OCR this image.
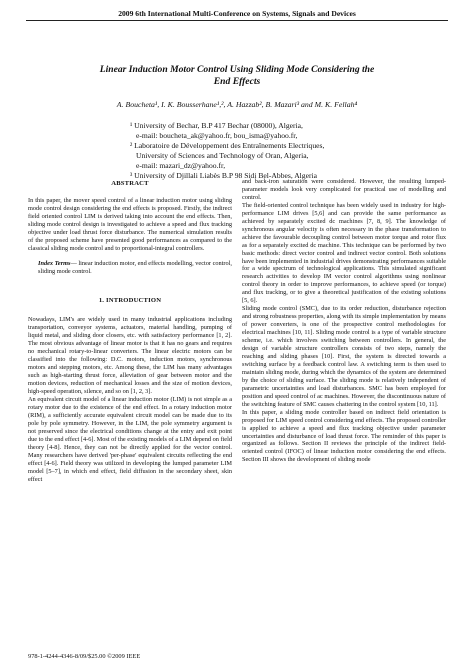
2009 6th International Multi-Conference on Systems, Signals and Devices
Linear Induction Motor Control Using Sliding Mode Considering the
End Effects
A. Boucheta¹, I. K. Bousserhane¹,², A. Hazzab², B. Mazari³ and M. K. Fellah⁴
¹ University of Bechar, B.P 417 Bechar (08000), Algeria,
e-mail: boucheta_ak@yahoo.fr, bou_isma@yahoo.fr,
² Laboratoire de Développement des Entraînements Electriques,
University of Sciences and Technology of Oran, Algeria,
e-mail: mazari_dz@yahoo.fr,
³ University of Djillali Liabès B.P 98 Sidi Bel-Abbes, Algeria
ABSTRACT

In this paper, the mover speed control of a linear induction motor using sliding mode control design considering the end effects is proposed. Firstly, the indirect field oriented control LIM is derived taking into account the end effects. Then, sliding mode control design is investigated to achieve a speed and flux tracking objective under load thrust force disturbance. The numerical simulation results of the proposed scheme have presented good performances as compared to the classical sliding mode control and to proportional-integral controllers.

Index Terms— linear induction motor, end effects modelling, vector control, sliding mode control.

1. INTRODUCTION

Nowadays, LIM's are widely used in many industrial applications including transportation, conveyor systems, actuators, material handling, pumping of liquid metal, and sliding door closers, etc. with satisfactory performance [1, 2]. The most obvious advantage of linear motor is that it has no gears and requires no mechanical rotary-to-linear converters. The linear electric motors can be classified into the following: D.C. motors, induction motors, synchronous motors and stepping motors, etc. Among these, the LIM has many advantages such as high-starting thrust force, alleviation of gear between motor and the motion devices, reduction of mechanical losses and the size of motion devices, high-speed operation, silence, and so on [1, 2, 3].

An equivalent circuit model of a linear induction motor (LIM) is not simple as a rotary motor due to the existence of the end effect. In a rotary induction motor (RIM), a sufficiently accurate equivalent circuit model can be made due to its pole by pole symmetry. However, in the LIM, the pole symmetry argument is not preserved since the electrical conditions change at the entry and exit point due to the end effect [4-6]. Most of the existing models of a LIM depend on field theory [4-8]. Hence, they can not be directly applied for the vector control. Many researchers have derived 'per-phase' equivalent circuits reflecting the end effect [4-6]. Field theory was utilized in developing the lumped parameter LIM model [5–7], in which end effect, field diffusion in the secondary sheet, skin effect

and back-iron saturation were considered. However, the resulting lumped-parameter models look very complicated for practical use of modelling and control.

The field-oriented control technique has been widely used in industry for high-performance LIM drives [5,6] and can provide the same performance as achieved by separately excited dc machines [7, 8, 9]. The knowledge of synchronous angular velocity is often necessary in the phase transformation to achieve the favourable decoupling control between motor torque and rotor flux as for a separately excited dc machine. This technique can be performed by two basic methods: direct vector control and indirect vector control. Both solutions have been implemented in industrial drives demonstrating performances suitable for a wide spectrum of technological applications. This simulated significant research activities to develop IM vector control algorithms using nonlinear control theory in order to improve performances, to achieve speed (or torque) and flux tracking, or to give a theoretical justification of the existing solutions [5, 6].

Sliding mode control (SMC), due to its order reduction, disturbance rejection and strong robustness properties, along with its simple implementation by means of power converters, is one of the prospective control methodologies for electrical machines [10, 11]. Sliding mode control is a type of variable structure scheme, i.e. which involves switching between controllers. In general, the design of variable structure controllers consists of two steps, namely the reaching and sliding phases [10]. First, the system is directed towards a switching surface by a feedback control law. A switching term is then used to maintain sliding mode, during which the dynamics of the system are determined by the choice of sliding surface. The sliding mode is relatively independent of parametric uncertainties and load disturbances. SMC has been employed for position and speed control of ac machines. However, the discontinuous nature of the switching feature of SMC causes chattering in the control system [10, 11].

In this paper, a sliding mode controller based on indirect field orientation is proposed for LIM speed control considering end effects. The proposed controller is applied to achieve a speed and flux tracking objective under parameter uncertainties and disturbance of load thrust force. The reminder of this paper is organized as follows. Section II reviews the principle of the indirect field-oriented control (IFOC) of linear induction motor considering the end effects. Section III shows the development of sliding mode

978-1-4244-4346-8/09/$25.00 ©2009 IEEE
